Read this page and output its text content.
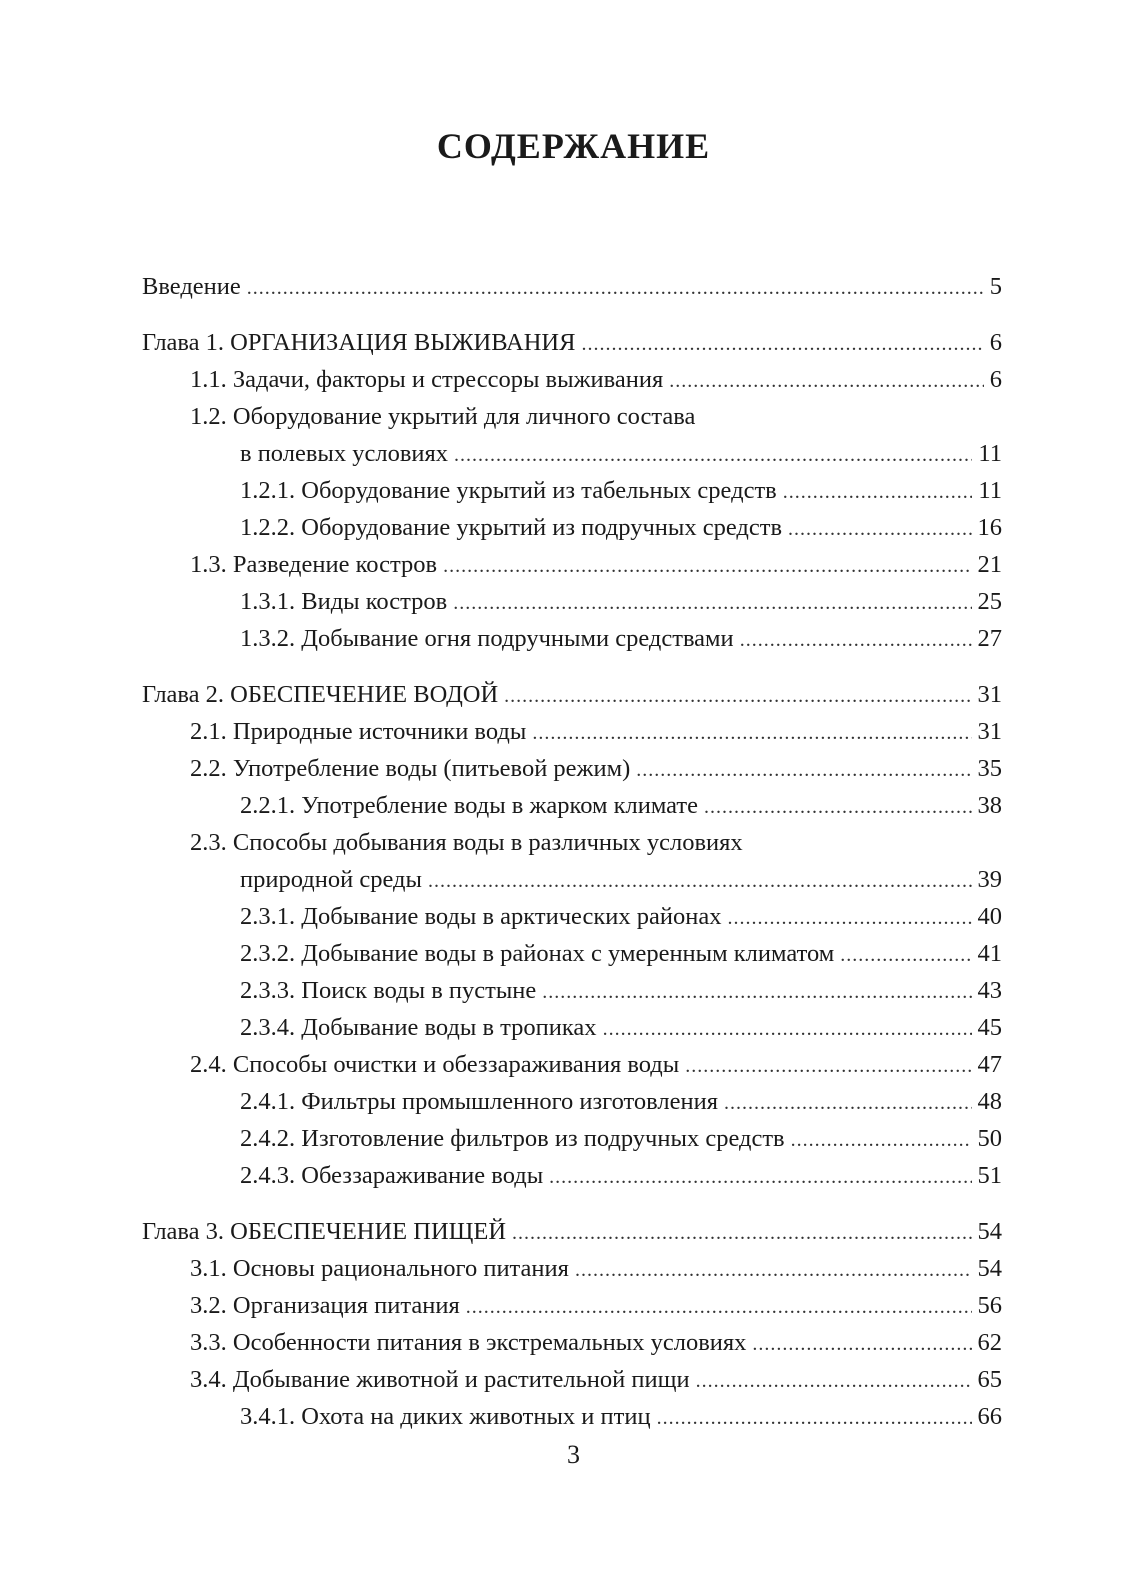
СОДЕРЖАНИЕ
Введение . . .	5
Глава 1. ОРГАНИЗАЦИЯ ВЫЖИВАНИЯ . . .	6
1.1. Задачи, факторы и стрессоры выживания . . .	6
1.2. Оборудование укрытий для личного состава
в полевых условиях . . .	11
1.2.1. Оборудование укрытий из табельных средств . . .	11
1.2.2. Оборудование укрытий из подручных средств . . .	16
1.3. Разведение костров . . .	21
1.3.1. Виды костров . . .	25
1.3.2. Добывание огня подручными средствами . . .	27
Глава 2. ОБЕСПЕЧЕНИЕ ВОДОЙ . . .	31
2.1. Природные источники воды . . .	31
2.2. Употребление воды (питьевой режим) . . .	35
2.2.1. Употребление воды в жарком климате . . .	38
2.3. Способы добывания воды в различных условиях
природной среды . . .	39
2.3.1. Добывание воды в арктических районах . . .	40
2.3.2. Добывание воды в районах с умеренным климатом . . .	41
2.3.3. Поиск воды в пустыне . . .	43
2.3.4. Добывание воды в тропиках . . .	45
2.4. Способы очистки и обеззараживания воды . . .	47
2.4.1. Фильтры промышленного изготовления . . .	48
2.4.2. Изготовление фильтров из подручных средств . . .	50
2.4.3. Обеззараживание воды . . .	51
Глава 3. ОБЕСПЕЧЕНИЕ ПИЩЕЙ . . .	54
3.1. Основы рационального питания . . .	54
3.2. Организация питания . . .	56
3.3. Особенности питания в экстремальных условиях . . .	62
3.4. Добывание животной и растительной пищи . . .	65
3.4.1. Охота на диких животных и птиц . . .	66
3
